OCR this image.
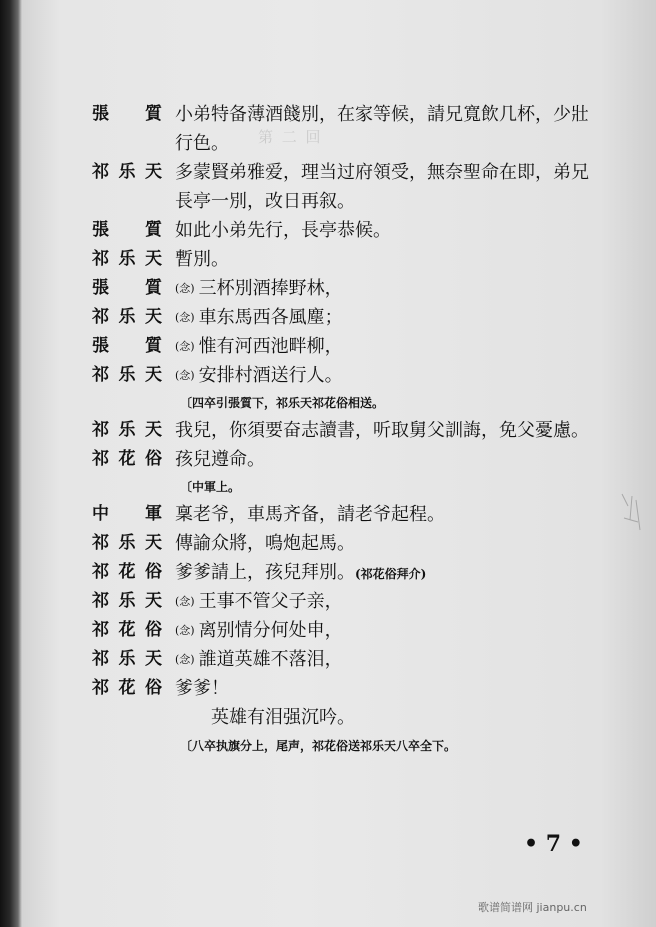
第 二 回
張質 小弟特备薄酒餞別，在家等候，請兄寬飲几杯，少壯
行色。
祁乐天 多蒙賢弟雅爱，理当过府領受，無奈聖命在即，弟兄
長亭一別，改日再叙。
張質 如此小弟先行，長亭恭候。
祁乐天 暫別。
張質 (念) 三杯別酒捧野林，
祁乐天 (念) 車东馬西各風塵；
張質 (念) 惟有河西池畔柳，
祁乐天 (念) 安排村酒送行人。
〔四卒引張質下，祁乐天祁花俗相送。
祁乐天 我兒，你須要奋志讀書，听取舅父訓誨，免父憂慮。
祁花俗 孩兒遵命。
〔中軍上。
中軍 稟老爷，車馬齐备，請老爷起程。
祁乐天 傳諭众將，鳴炮起馬。
祁花俗 爹爹請上，孩兒拜別。(祁花俗拜介)
祁乐天 (念) 王事不管父子亲，
祁花俗 (念) 离别情分何处申，
祁乐天 (念) 誰道英雄不落泪，
祁花俗 爹爹！
英雄有泪强沉吟。
〔八卒执旗分上，尾声，祁花俗送祁乐天八卒全下。
• 7 •
歌谱简谱网 jianpu.cn
